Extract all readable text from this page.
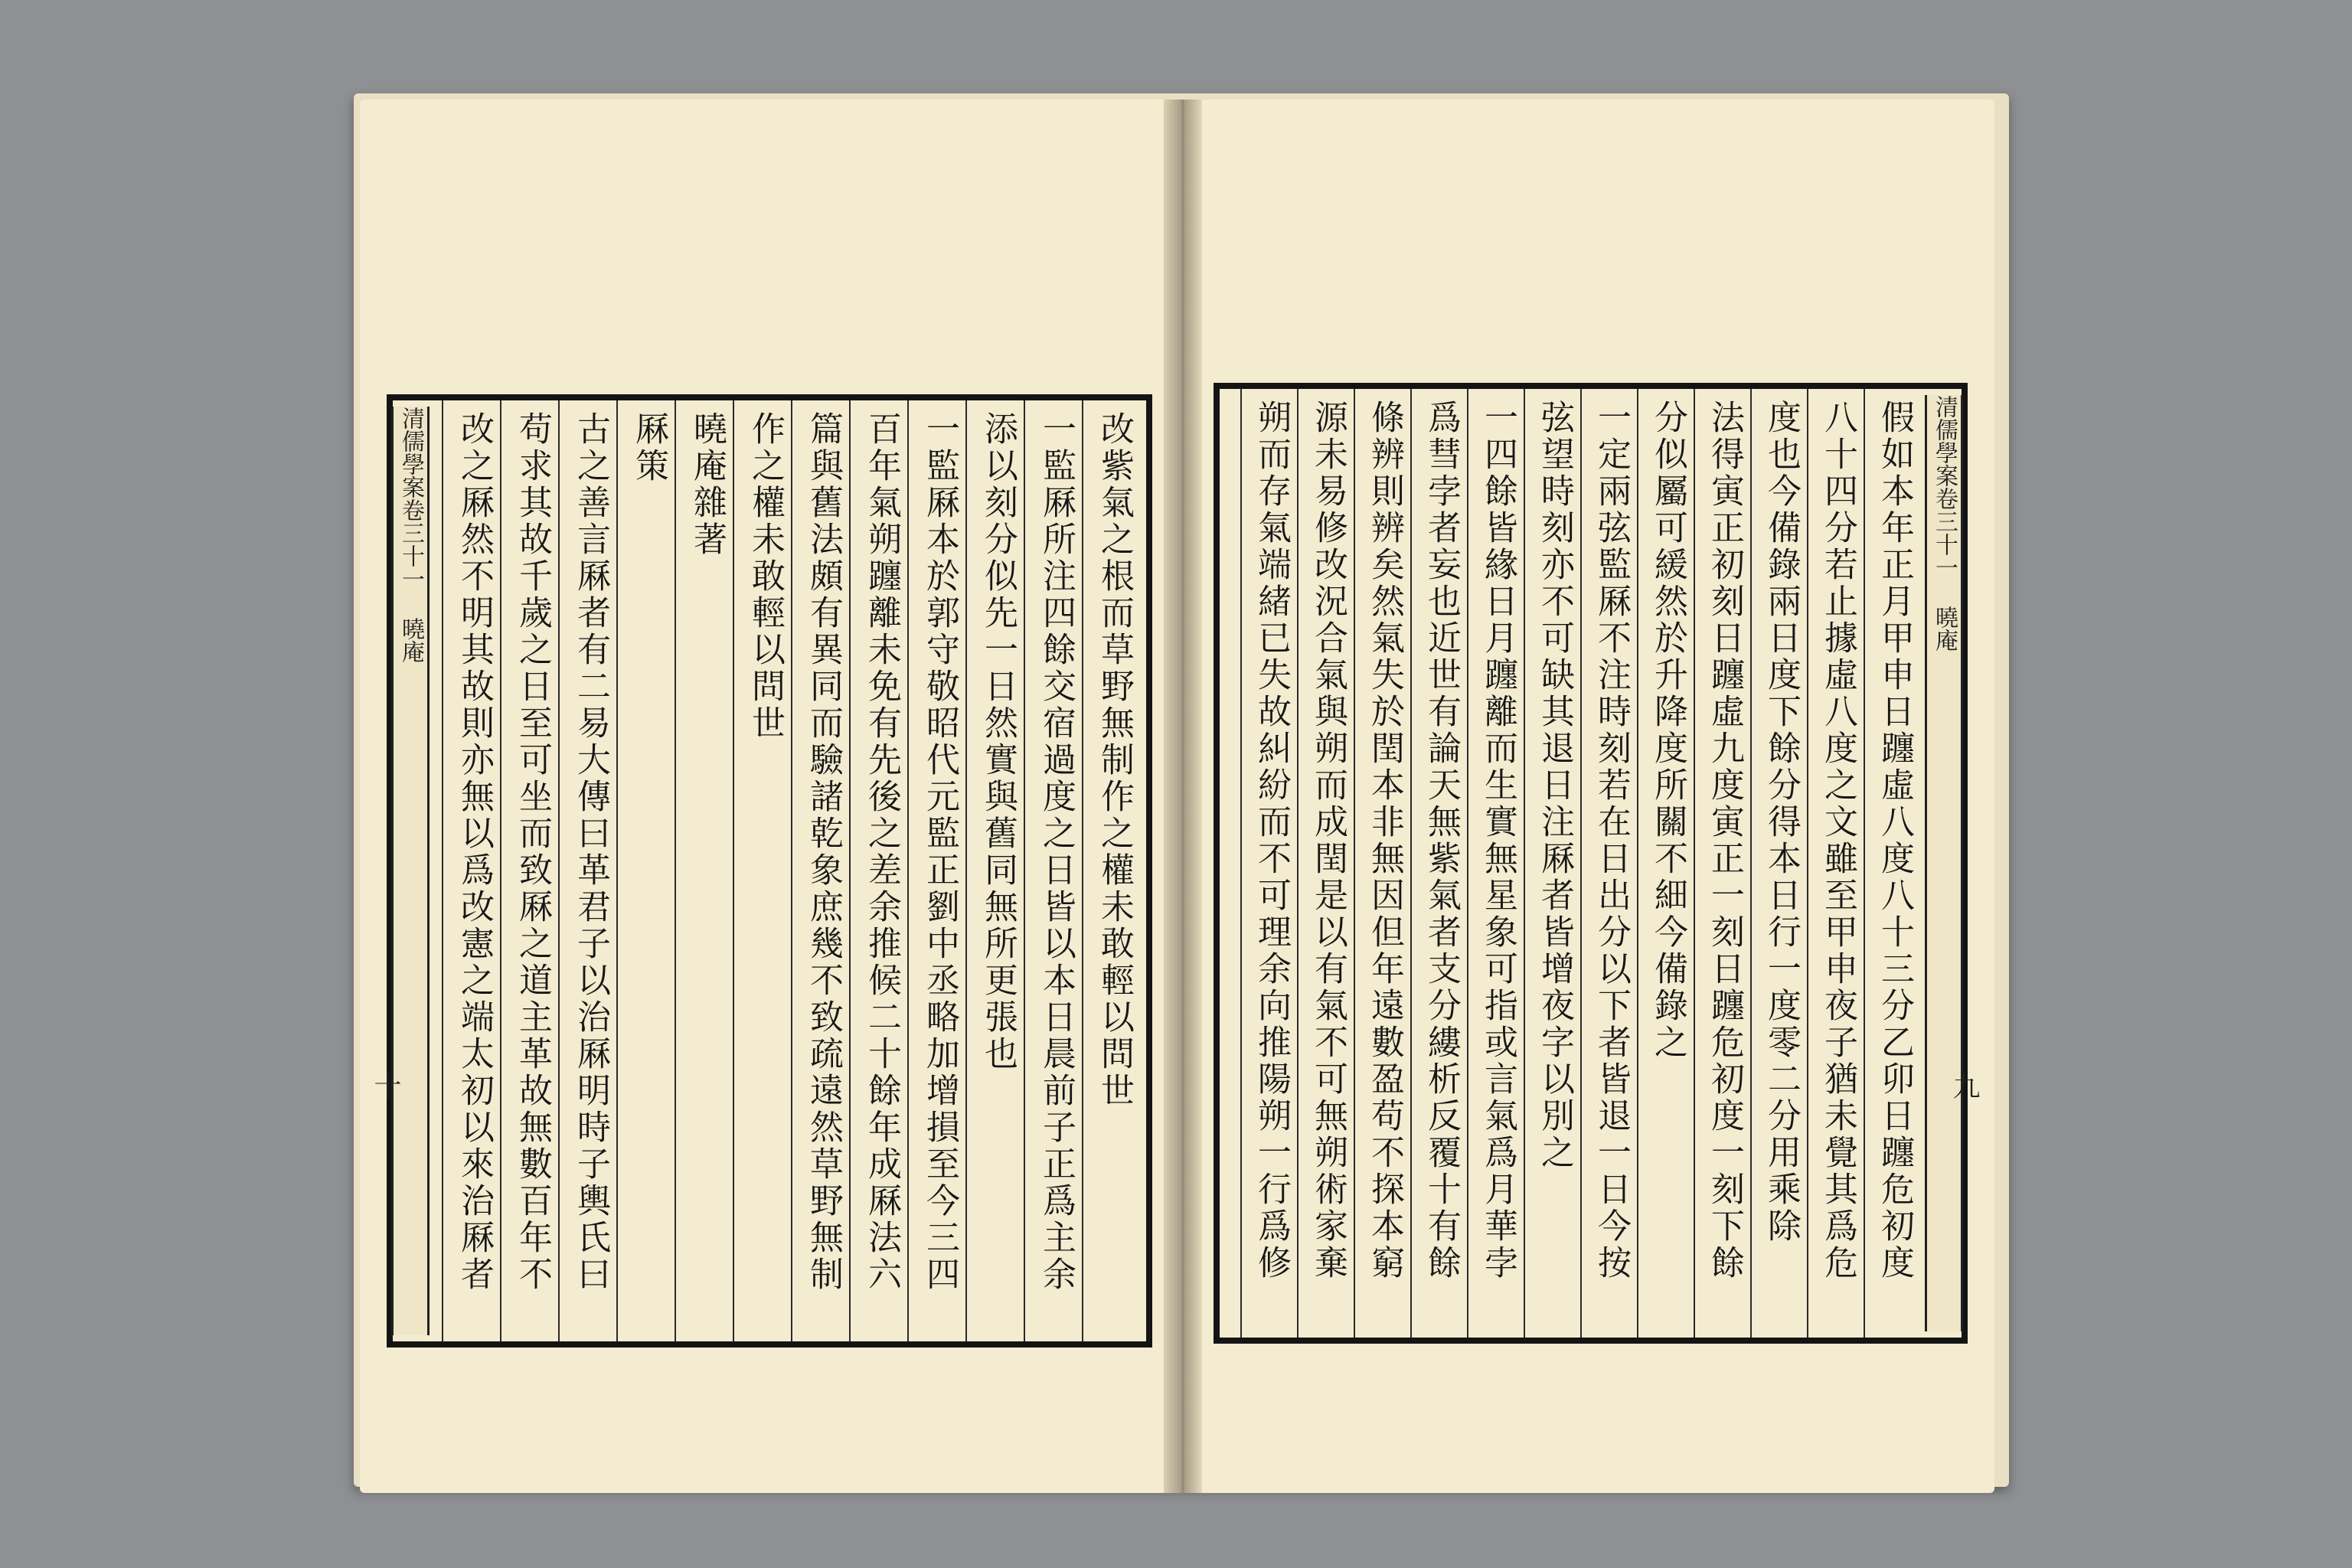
改紫氣之根而草野無制作之權未敢輕以問世
一監厤所注四餘交宿過度之日皆以本日晨前子正爲主余
添以刻分似先一日然實與舊同無所更張也
一監厤本於郭守敬昭代元監正劉中丞略加增損至今三四
百年氣朔躔離未免有先後之差余推候二十餘年成厤法六
篇與舊法頗有異同而驗諸乾象庶幾不致疏遠然草野無制
作之權未敢輕以問世
曉庵雜著
厤策
古之善言厤者有二易大傳曰革君子以治厤明時子輿氏曰
苟求其故千歲之日至可坐而致厤之道主革故無數百年不
改之厤然不明其故則亦無以爲改憲之端太初以來治厤者
清儒學案卷三十一 曉庵
十	假如本年正月甲申日躔虛八度八十三分乙卯日躔危初度
八十四分若止據虛八度之文雖至甲申夜子猶未覺其爲危
度也今備錄兩日度下餘分得本日行一度零二分用乘除
法得寅正初刻日躔虛九度寅正一刻日躔危初度一刻下餘
分似屬可緩然於升降度所關不細今備錄之
一定兩弦監厤不注時刻若在日出分以下者皆退一日今按
弦望時刻亦不可缺其退日注厤者皆增夜字以別之
一四餘皆緣日月躔離而生實無星象可指或言氣爲月華孛
爲彗孛者妄也近世有論天無紫氣者支分縷析反覆十有餘
條辨則辨矣然氣失於閏本非無因但年遠數盈苟不探本窮
源未易修改況合氣與朔而成閏是以有氣不可無朔術家棄
朔而存氣端緒已失故糾紛而不可理余向推陽朔一行爲修	清儒學案卷三十一 曉庵
九
